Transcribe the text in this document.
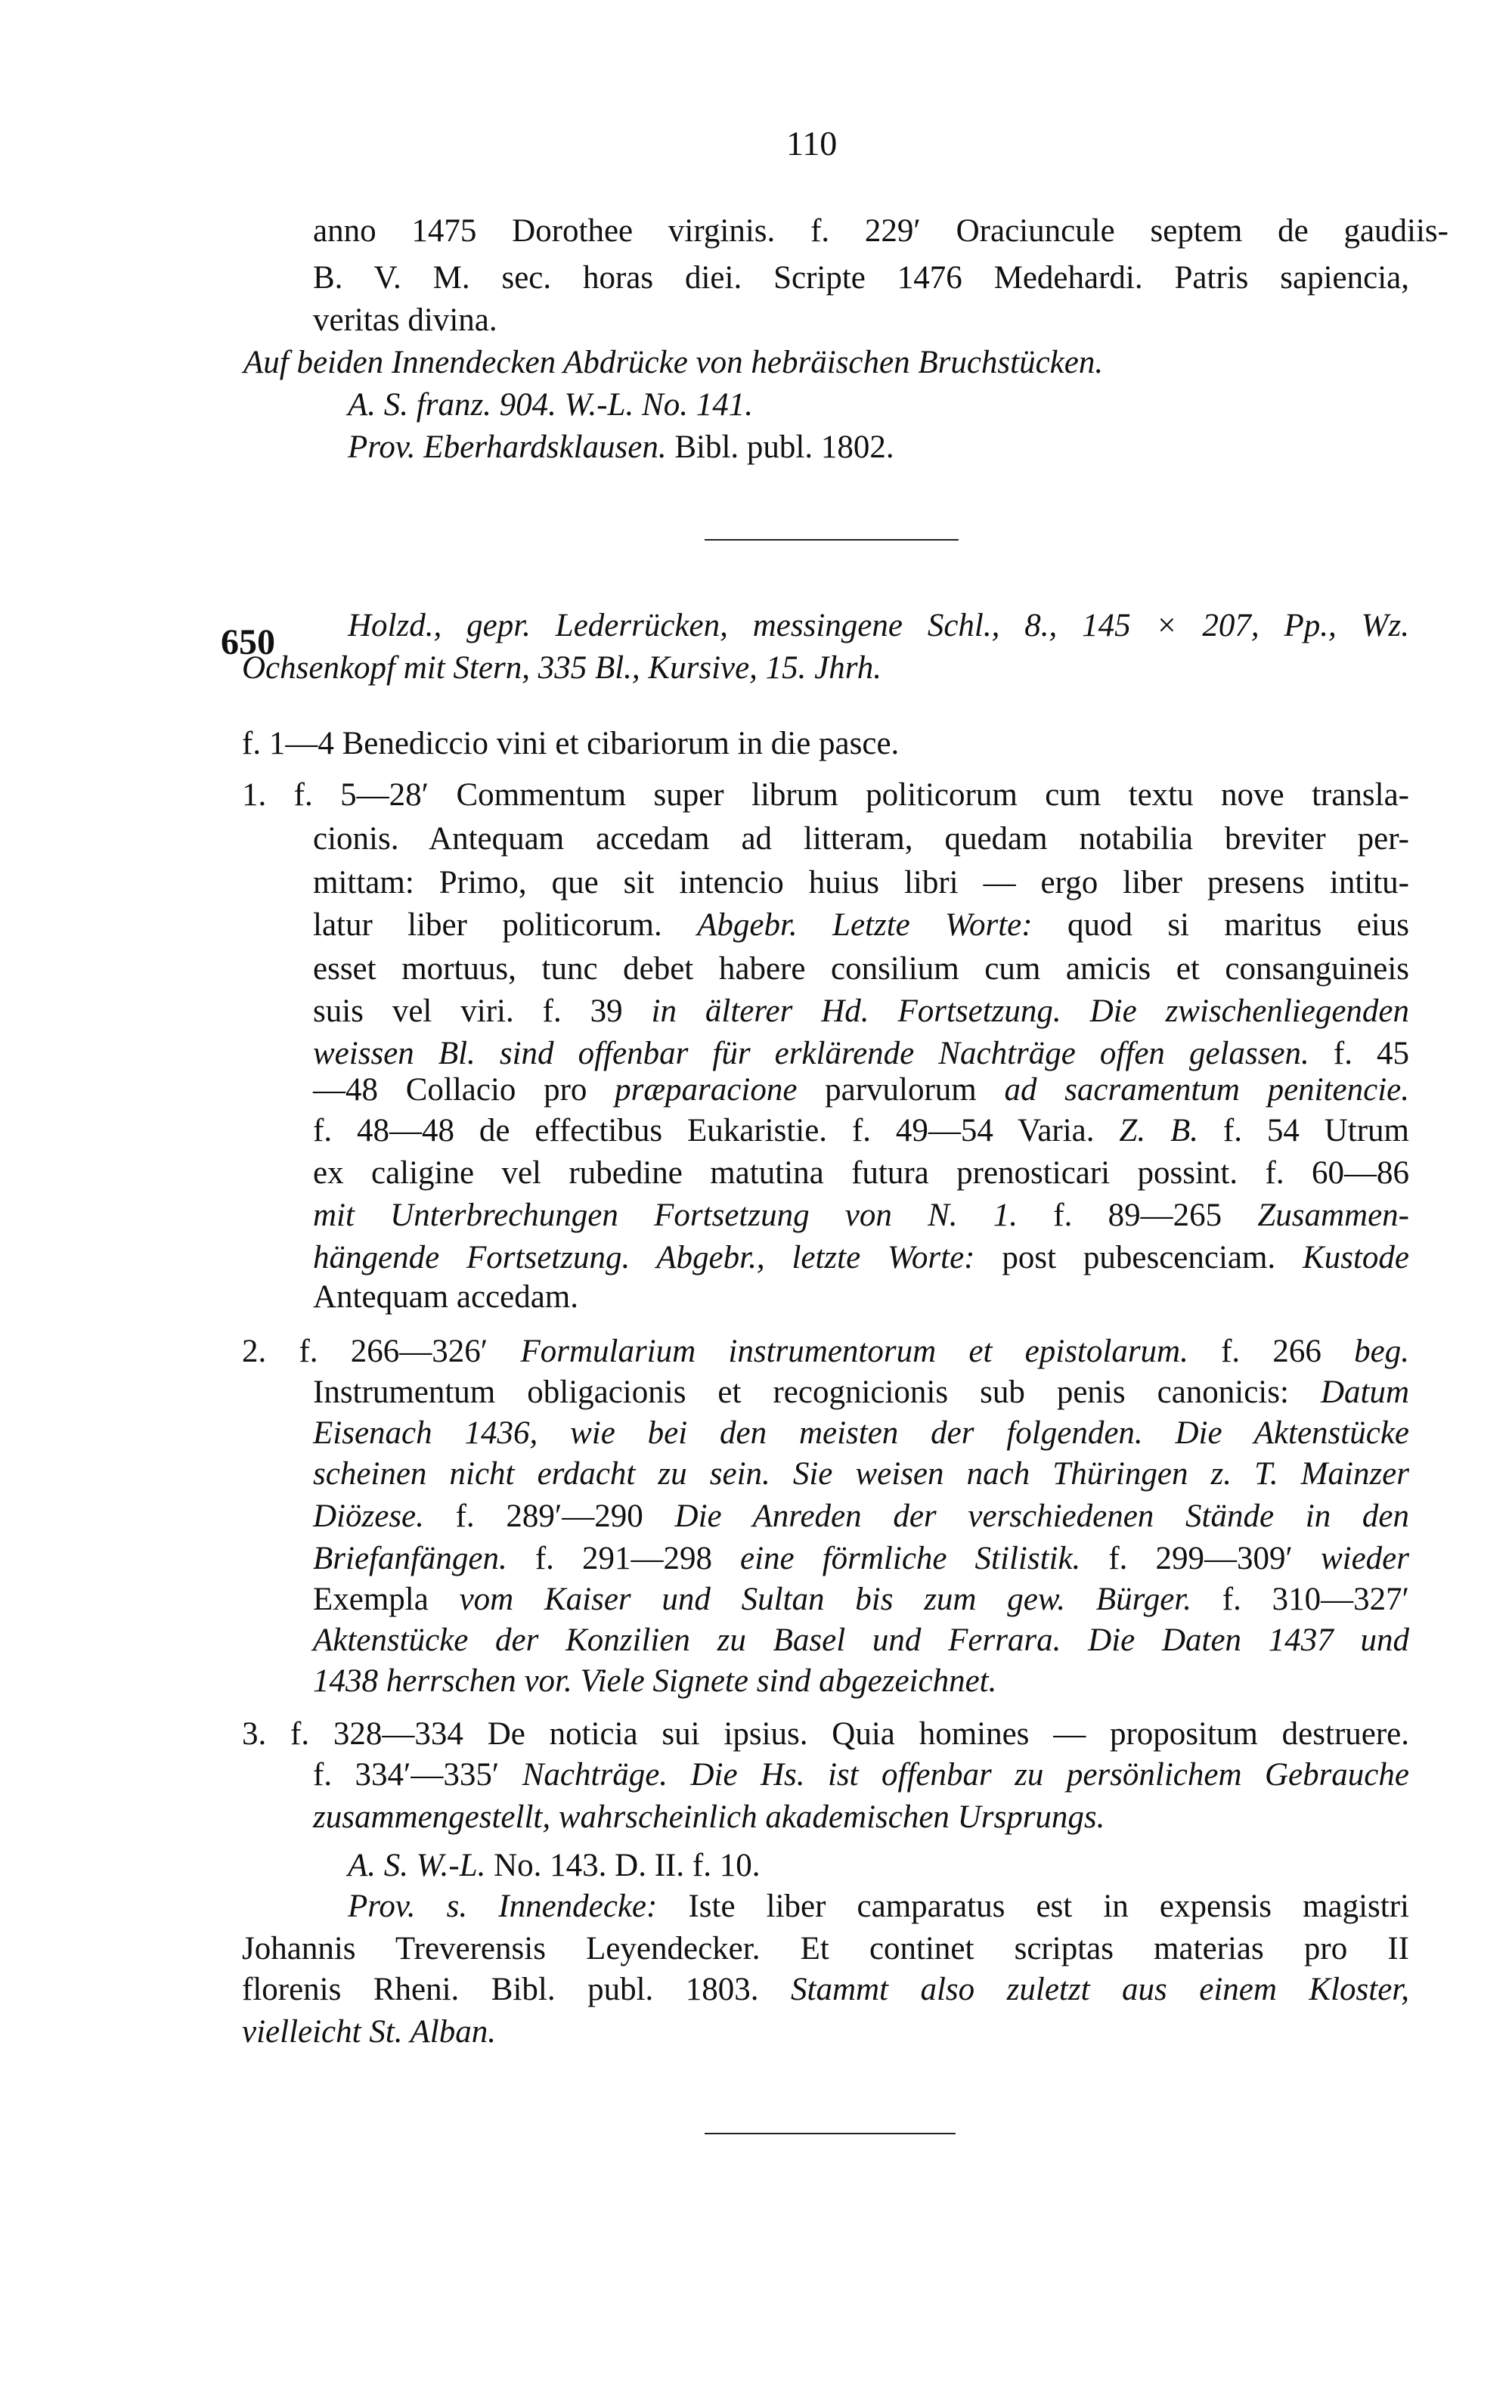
110
650
anno 1475 Dorothee virginis. f. 229′ Oraciuncule septem de gaudiis-
B. V. M. sec. horas diei. Scripte 1476 Medehardi. Patris sapiencia,
veritas divina.
Auf beiden Innendecken Abdrücke von hebräischen Bruchstücken.
A. S. franz. 904. W.-L. No. 141.
Prov. Eberhardsklausen. Bibl. publ. 1802.
Holzd., gepr. Lederrücken, messingene Schl., 8., 145 × 207, Pp., Wz.
Ochsenkopf mit Stern, 335 Bl., Kursive, 15. Jhrh.
f. 1—4 Benediccio vini et cibariorum in die pasce.
1. f. 5—28′ Commentum super librum politicorum cum textu nove transla-
cionis. Antequam accedam ad litteram, quedam notabilia breviter per-
mittam: Primo, que sit intencio huius libri — ergo liber presens intitu-
latur liber politicorum. Abgebr. Letzte Worte: quod si maritus eius
esset mortuus, tunc debet habere consilium cum amicis et consanguineis
suis vel viri. f. 39 in älterer Hd. Fortsetzung. Die zwischenliegenden
weissen Bl. sind offenbar für erklärende Nachträge offen gelassen. f. 45
—48 Collacio pro præparacione parvulorum ad sacramentum penitencie.
f. 48—48 de effectibus Eukaristie. f. 49—54 Varia. Z. B. f. 54 Utrum
ex caligine vel rubedine matutina futura prenosticari possint. f. 60—86
mit Unterbrechungen Fortsetzung von N. 1. f. 89—265 Zusammen-
hängende Fortsetzung. Abgebr., letzte Worte: post pubescenciam. Kustode
Antequam accedam.
2. f. 266—326′ Formularium instrumentorum et epistolarum. f. 266 beg.
Instrumentum obligacionis et recognicionis sub penis canonicis: Datum
Eisenach 1436, wie bei den meisten der folgenden. Die Aktenstücke
scheinen nicht erdacht zu sein. Sie weisen nach Thüringen z. T. Mainzer
Diözese. f. 289′—290 Die Anreden der verschiedenen Stände in den
Briefanfängen. f. 291—298 eine förmliche Stilistik. f. 299—309′ wieder
Exempla vom Kaiser und Sultan bis zum gew. Bürger. f. 310—327′
Aktenstücke der Konzilien zu Basel und Ferrara. Die Daten 1437 und
1438 herrschen vor. Viele Signete sind abgezeichnet.
3. f. 328—334 De noticia sui ipsius. Quia homines — propositum destruere.
f. 334′—335′ Nachträge. Die Hs. ist offenbar zu persönlichem Gebrauche
zusammengestellt, wahrscheinlich akademischen Ursprungs.
A. S. W.-L. No. 143. D. II. f. 10.
Prov. s. Innendecke: Iste liber camparatus est in expensis magistri
Johannis Treverensis Leyendecker. Et continet scriptas materias pro II
florenis Rheni. Bibl. publ. 1803. Stammt also zuletzt aus einem Kloster,
vielleicht St. Alban.
